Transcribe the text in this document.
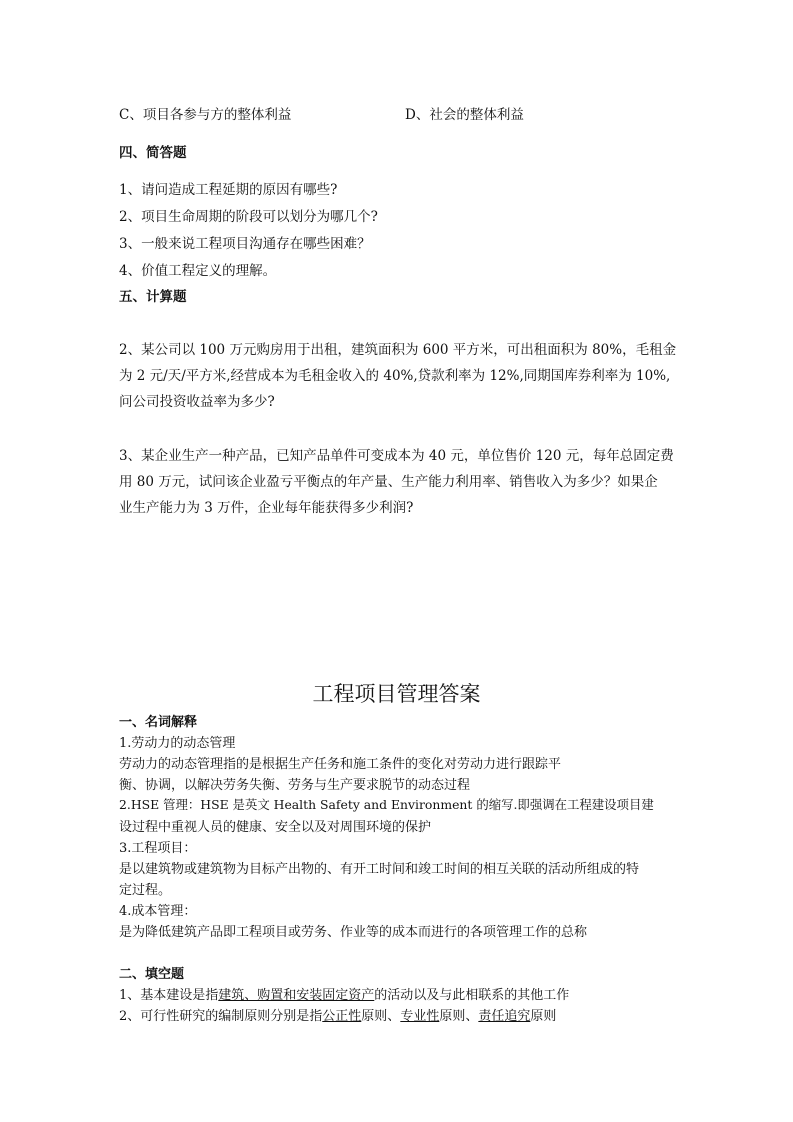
C、项目各参与方的整体利益	D、社会的整体利益
四、简答题
1、请问造成工程延期的原因有哪些?
2、项目生命周期的阶段可以划分为哪几个?
3、一般来说工程项目沟通存在哪些困难？
4、价值工程定义的理解。
五、计算题
2、某公司以 100 万元购房用于出租，建筑面积为 600 平方米，可出租面积为 80%，毛租金
为 2 元/天/平方米,经营成本为毛租金收入的 40%,贷款利率为 12%,同期国库券利率为 10%,
问公司投资收益率为多少?
3、某企业生产一种产品，已知产品单件可变成本为 40 元，单位售价 120 元，每年总固定费
用 80 万元，试问该企业盈亏平衡点的年产量、生产能力利用率、销售收入为多少？如果企
业生产能力为 3 万件，企业每年能获得多少利润?
工程项目管理答案
一、名词解释
1.劳动力的动态管理
劳动力的动态管理指的是根据生产任务和施工条件的变化对劳动力进行跟踪平
衡、协调，以解决劳务失衡、劳务与生产要求脱节的动态过程
2.HSE 管理：HSE 是英文 Health Safety and Environment 的缩写.即强调在工程建设项目建
设过程中重视人员的健康、安全以及对周围环境的保护
3.工程项目：
是以建筑物或建筑物为目标产出物的、有开工时间和竣工时间的相互关联的活动所组成的特
定过程。
4.成本管理：
是为降低建筑产品即工程项目或劳务、作业等的成本而进行的各项管理工作的总称
二、填空题
1、基本建设是指建筑、购置和安装固定资产的活动以及与此相联系的其他工作
2、可行性研究的编制原则分别是指公正性原则、专业性原则、责任追究原则
